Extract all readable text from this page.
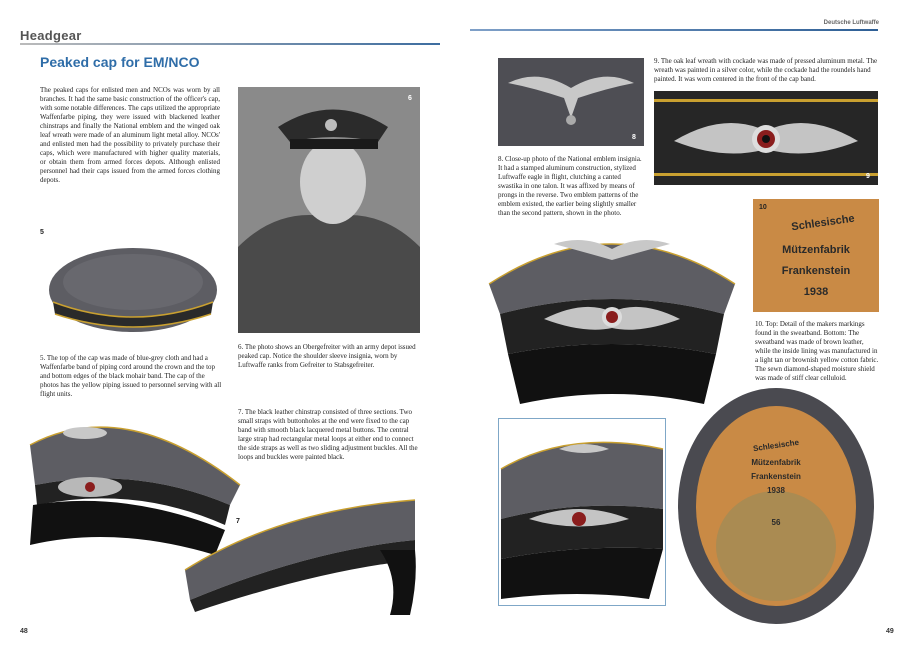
Headgear
Deutsche Luftwaffe
Peaked cap for EM/NCO
The peaked caps for enlisted men and NCOs was worn by all branches. It had the same basic construction of the officer's cap, with some notable differences. The caps utilized the appropriate Waffenfarbe piping, they were issued with blackened leather chinstraps and finally the National emblem and the winged oak leaf wreath were made of an aluminum light metal alloy. NCOs' and enlisted men had the possibility to privately purchase their caps, which were manufactured with higher quality materials, or obtain them from armed forces depots. Although enlisted personnel had their caps issued from the armed forces clothing depots.
5
5. The top of the cap was made of blue-grey cloth and had a Waffenfarbe band of piping cord around the crown and the top and bottom edges of the black mohair band. The cap of the photos has the yellow piping issued to personnel serving with all flight units.
6
6. The photo shows an Obergefreiter with an army depot issued peaked cap. Notice the shoulder sleeve insignia, worn by Luftwaffe ranks from Gefreiter to Stabsgefreiter.
7. The black leather chinstrap consisted of three sections. Two small straps with buttonholes at the end were fixed to the cap band with smooth black lacquered metal buttons. The central large strap had rectangular metal loops at either end to connect the side straps as well as two sliding adjustment buckles. All the loops and buckles were painted black.
7
8
8. Close-up photo of the National emblem insignia. It had a stamped aluminum construction, stylized Luftwaffe eagle in flight, clutching a canted swastika in one talon. It was affixed by means of prongs in the reverse. Two emblem patterns of the emblem existed, the earlier being slightly smaller than the second pattern, shown in the photo.
9. The oak leaf wreath with cockade was made of pressed aluminum metal. The wreath was painted in a silver color, while the cockade had the roundels hand painted. It was worn centered in the front of the cap band.
9
10
Schlesische
Mützenfabrik
Frankenstein
1938
10. Top: Detail of the makers markings found in the sweatband. Bottom: The sweatband was made of brown leather, while the inside lining was manufactured in a light tan or brownish yellow cotton fabric. The sewn diamond-shaped moisture shield was made of stiff clear celluloid.
Schlesische
Mützenfabrik
Frankenstein
1938
56
48	49
